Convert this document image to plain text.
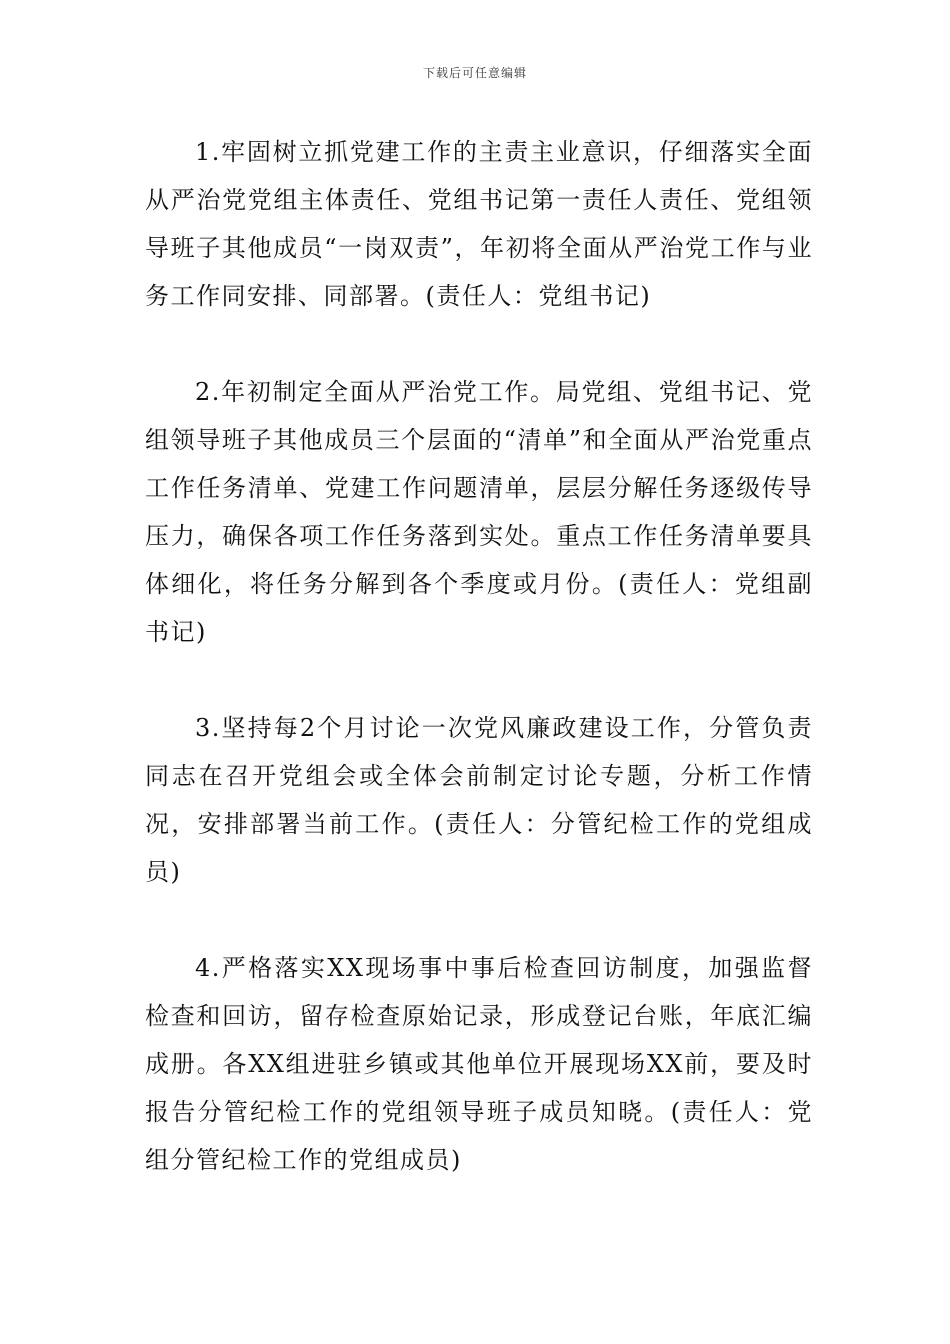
下载后可任意编辑

1.牢固树立抓党建工作的主责主业意识，仔细落实全面从严治党党组主体责任、党组书记第一责任人责任、党组领导班子其他成员“一岗双责”，年初将全面从严治党工作与业务工作同安排、同部署。(责任人：党组书记)

2.年初制定全面从严治党工作。局党组、党组书记、党组领导班子其他成员三个层面的“清单”和全面从严治党重点工作任务清单、党建工作问题清单，层层分解任务逐级传导压力，确保各项工作任务落到实处。重点工作任务清单要具体细化，将任务分解到各个季度或月份。(责任人：党组副书记)

3.坚持每2个月讨论一次党风廉政建设工作，分管负责同志在召开党组会或全体会前制定讨论专题，分析工作情况，安排部署当前工作。(责任人：分管纪检工作的党组成员)

4.严格落实XX现场事中事后检查回访制度，加强监督检查和回访，留存检查原始记录，形成登记台账，年底汇编成册。各XX组进驻乡镇或其他单位开展现场XX前，要及时报告分管纪检工作的党组领导班子成员知晓。(责任人：党组分管纪检工作的党组成员)
